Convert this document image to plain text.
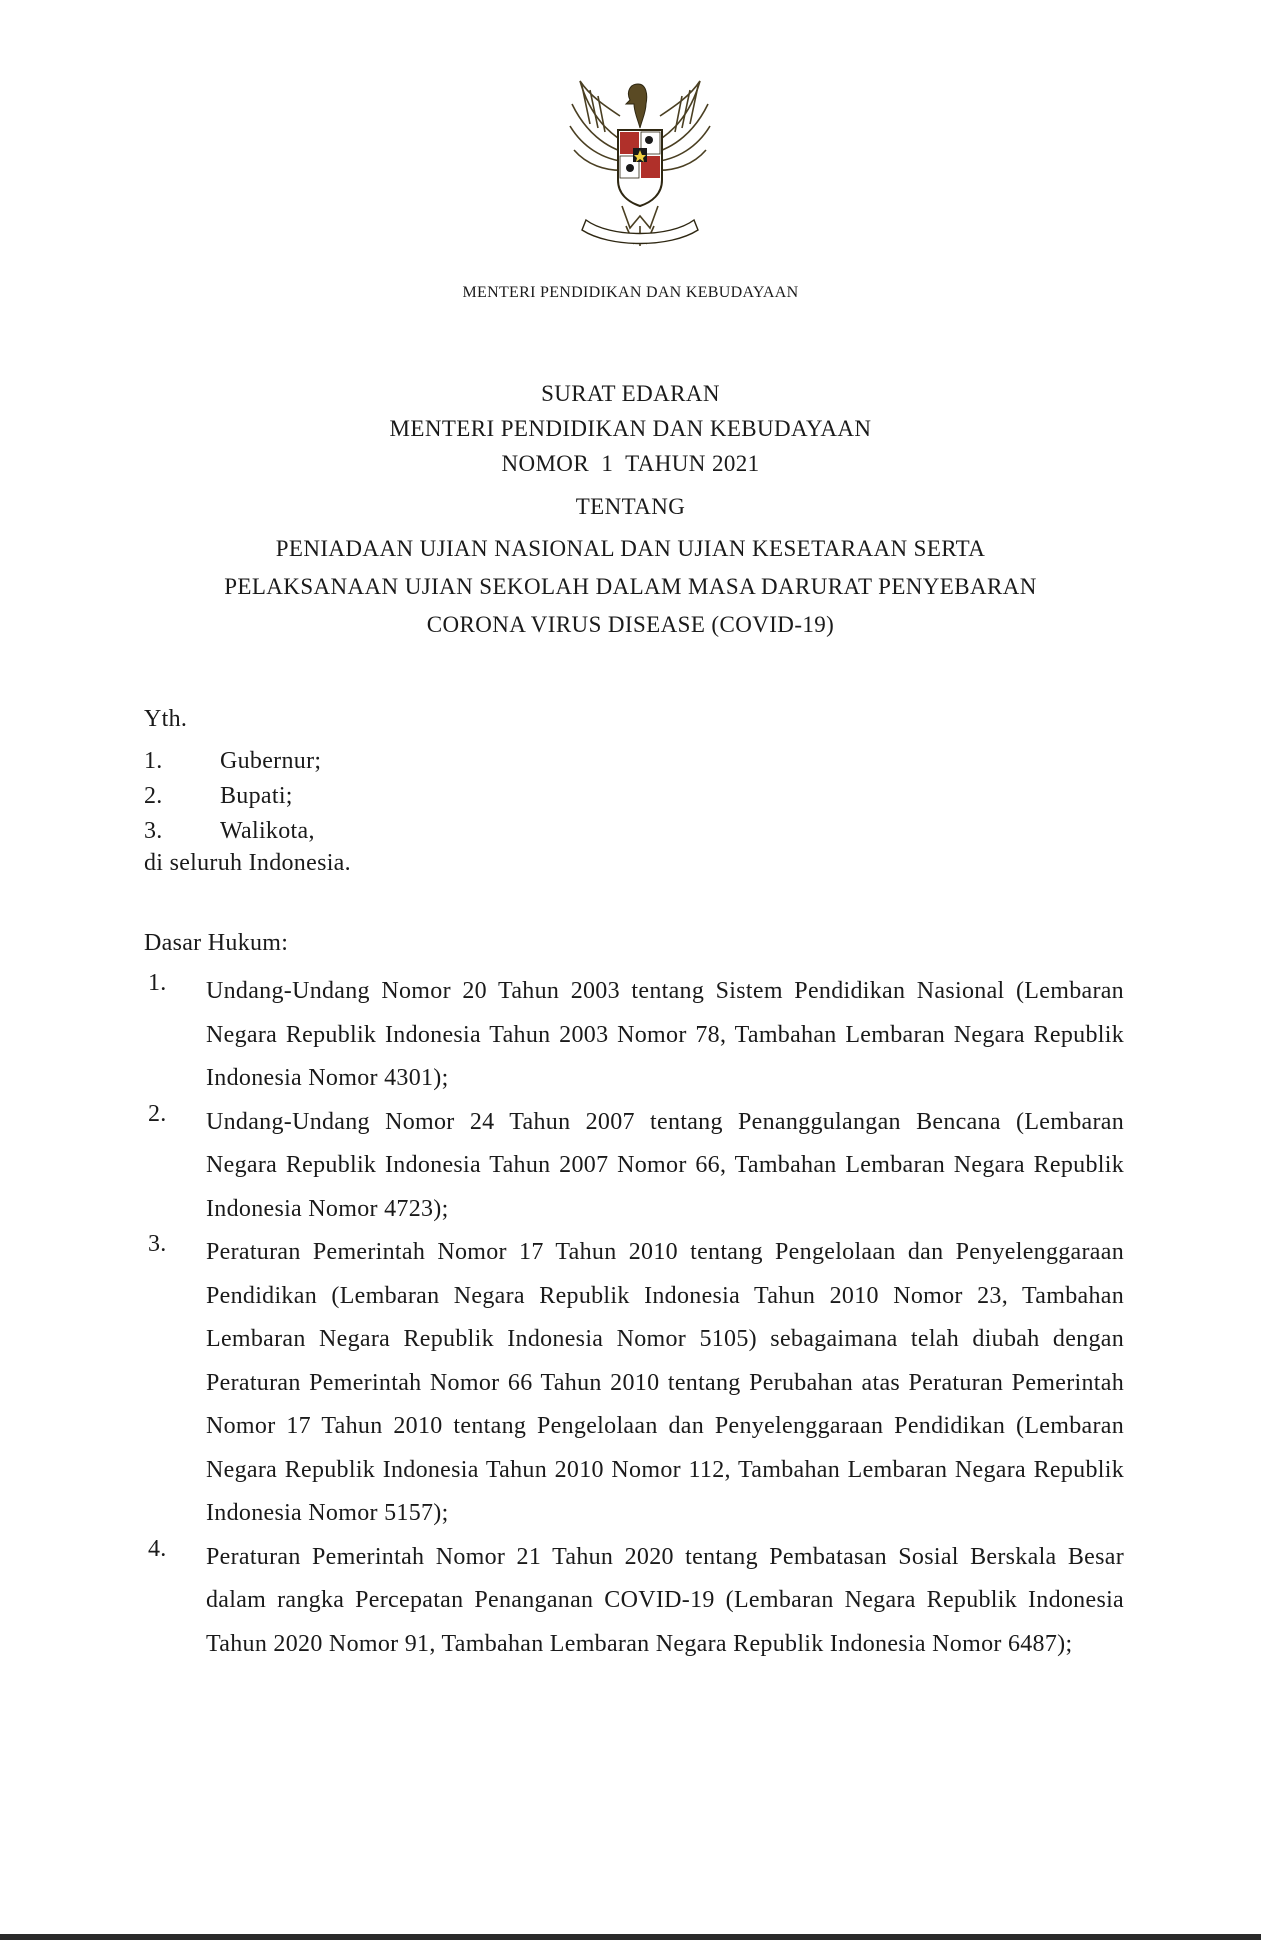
MENTERI PENDIDIKAN DAN KEBUDAYAAN
SURAT EDARAN
MENTERI PENDIDIKAN DAN KEBUDAYAAN
NOMOR  1  TAHUN 2021
TENTANG
PENIADAAN UJIAN NASIONAL DAN UJIAN KESETARAAN SERTA
PELAKSANAAN UJIAN SEKOLAH DALAM MASA DARURAT PENYEBARAN
CORONA VIRUS DISEASE (COVID-19)
Yth.
1.	Gubernur;
2.	Bupati;
3.	Walikota,
di seluruh Indonesia.
Dasar Hukum:
1.	Undang-Undang Nomor 20 Tahun 2003 tentang Sistem Pendidikan Nasional (Lembaran Negara Republik Indonesia Tahun 2003 Nomor 78, Tambahan Lembaran Negara Republik Indonesia Nomor 4301);
2.	Undang-Undang Nomor 24 Tahun 2007 tentang Penanggulangan Bencana (Lembaran Negara Republik Indonesia Tahun 2007 Nomor 66, Tambahan Lembaran Negara Republik Indonesia Nomor 4723);
3.	Peraturan Pemerintah Nomor 17 Tahun 2010 tentang Pengelolaan dan Penyelenggaraan Pendidikan (Lembaran Negara Republik Indonesia Tahun 2010 Nomor 23, Tambahan Lembaran Negara Republik Indonesia Nomor 5105) sebagaimana telah diubah dengan Peraturan Pemerintah Nomor 66 Tahun 2010 tentang Perubahan atas Peraturan Pemerintah Nomor 17 Tahun 2010 tentang Pengelolaan dan Penyelenggaraan Pendidikan (Lembaran Negara Republik Indonesia Tahun 2010 Nomor 112, Tambahan Lembaran Negara Republik Indonesia Nomor 5157);
4.	Peraturan Pemerintah Nomor 21 Tahun 2020 tentang Pembatasan Sosial Berskala Besar dalam rangka Percepatan Penanganan COVID-19 (Lembaran Negara Republik Indonesia Tahun 2020 Nomor 91, Tambahan Lembaran Negara Republik Indonesia Nomor 6487);
